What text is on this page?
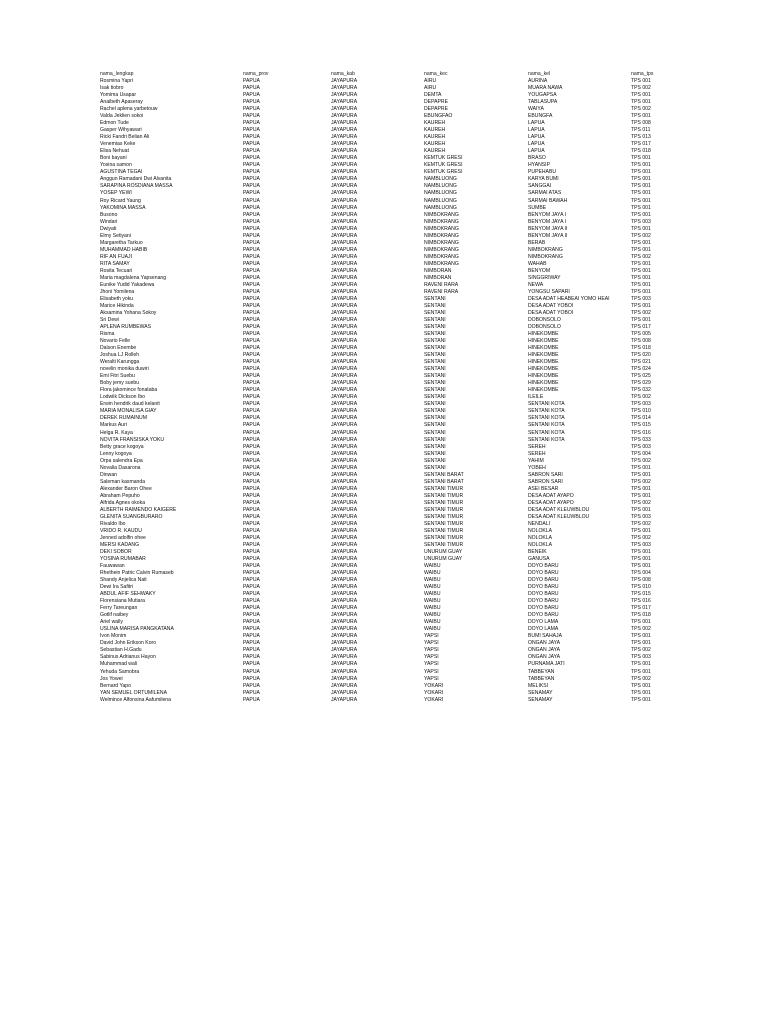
nama_lengkap	nama_prov	nama_kab	nama_kec	nama_kel	nama_tps
Rosmina Yapri	PAPUA	JAYAPURA	AIRU	AURINA	TPS 001
Isak tiobro	PAPUA	JAYAPURA	AIRU	MUARA NAWA	TPS 002
Yomima Usapar	PAPUA	JAYAPURA	DEMTA	YOUGAPSA	TPS 001
Anaibeth Apaseray	PAPUA	JAYAPURA	DEPAPRE	TABLASUPA	TPS 001
Rachel aplena yarbetouw	PAPUA	JAYAPURA	DEPAPRE	WAIYA	TPS 002
Valda Jeklien sokoi	PAPUA	JAYAPURA	EBUNGFAO	EBUNGFA	TPS 001
Edmon Tude	PAPUA	JAYAPURA	KAUREH	LAPUA	TPS 008
Gasper Wihyawari	PAPUA	JAYAPURA	KAUREH	LAPUA	TPS 011
Ricki Fandri Belian Ali	PAPUA	JAYAPURA	KAUREH	LAPUA	TPS 013
Venemias Keke	PAPUA	JAYAPURA	KAUREH	LAPUA	TPS 017
Elisa Nehuat	PAPUA	JAYAPURA	KAUREH	LAPUA	TPS 018
Boni bayani	PAPUA	JAYAPURA	KEMTUK GRESI	BRASO	TPS 001
Yosina samon	PAPUA	JAYAPURA	KEMTUK GRESI	HYANSIP	TPS 001
AGUSTINA TEGAI	PAPUA	JAYAPURA	KEMTUK GRESI	PUPEHABU	TPS 001
Anggun Ramadani Dwi Alvanita	PAPUA	JAYAPURA	NAMBLUONG	KARYA BUMI	TPS 001
SARAPINA ROSDIANA MASSA	PAPUA	JAYAPURA	NAMBLUONG	SANGGAI	TPS 001
YOSEP YEWI	PAPUA	JAYAPURA	NAMBLUONG	SARMAI ATAS	TPS 001
Roy Ricard Yaung	PAPUA	JAYAPURA	NAMBLUONG	SARMAI BAWAH	TPS 001
YAKOMINA MASSA	PAPUA	JAYAPURA	NAMBLUONG	SUMBE	TPS 001
Busono	PAPUA	JAYAPURA	NIMBOKRANG	BENYOM JAYA I	TPS 001
Windari	PAPUA	JAYAPURA	NIMBOKRANG	BENYOM JAYA I	TPS 003
Dwiyati	PAPUA	JAYAPURA	NIMBOKRANG	BENYOM JAYA II	TPS 001
Elmy Setiyani	PAPUA	JAYAPURA	NIMBOKRANG	BENYOM JAYA II	TPS 002
Margaretha Tarkuo	PAPUA	JAYAPURA	NIMBOKRANG	BERAB	TPS 001
MUHAMMAD HABIB	PAPUA	JAYAPURA	NIMBOKRANG	NIMBOKRANG	TPS 001
RIF AN FUAJI	PAPUA	JAYAPURA	NIMBOKRANG	NIMBOKRANG	TPS 002
RITA SAMAY	PAPUA	JAYAPURA	NIMBOKRANG	WAHAB	TPS 001
Rosita Tecuari	PAPUA	JAYAPURA	NIMBORAN	BENYOM	TPS 001
Maria magdalena Yapsenang	PAPUA	JAYAPURA	NIMBORAN	SINGGRIWAY	TPS 001
Eunike Yudid Yakadewa	PAPUA	JAYAPURA	RAVENI RARA	NEWA	TPS 001
Jhoni Yomilena	PAPUA	JAYAPURA	RAVENI RARA	YONGSU SAPARI	TPS 001
Elisabeth yoku	PAPUA	JAYAPURA	SENTANI	DESA ADAT HEABEAI YOMO HEAI	TPS 003
Marice Hikinda	PAPUA	JAYAPURA	SENTANI	DESA ADAT YOBOI	TPS 001
Aksamina Yohana Sokoy	PAPUA	JAYAPURA	SENTANI	DESA ADAT YOBOI	TPS 002
Sri Dewi	PAPUA	JAYAPURA	SENTANI	DOBONSOLO	TPS 001
APLENA RUMBEWAS	PAPUA	JAYAPURA	SENTANI	DOBONSOLO	TPS 017
Risma	PAPUA	JAYAPURA	SENTANI	HINEKOMBE	TPS 005
Novario Felle	PAPUA	JAYAPURA	SENTANI	HINEKOMBE	TPS 008
Dalson Enembe	PAPUA	JAYAPURA	SENTANI	HINEKOMBE	TPS 018
Joshua LJ Rolleh	PAPUA	JAYAPURA	SENTANI	HINEKOMBE	TPS 020
Weralti Karungga	PAPUA	JAYAPURA	SENTANI	HINEKOMBE	TPS 021
novelin monika duwiri	PAPUA	JAYAPURA	SENTANI	HINEKOMBE	TPS 024
Emi Fitri Suebu	PAPUA	JAYAPURA	SENTANI	HINEKOMBE	TPS 025
Boby jemy suebu	PAPUA	JAYAPURA	SENTANI	HINEKOMBE	TPS 029
Flora jakomince fonataba	PAPUA	JAYAPURA	SENTANI	HINEKOMBE	TPS 032
Lodwiik Dickson Ibo	PAPUA	JAYAPURA	SENTANI	ILEILE	TPS 002
Erwin hendrik daud kelanit	PAPUA	JAYAPURA	SENTANI	SENTANI KOTA	TPS 003
MARIA MONALISA GIAY	PAPUA	JAYAPURA	SENTANI	SENTANI KOTA	TPS 010
DEREK RUMAINUM	PAPUA	JAYAPURA	SENTANI	SENTANI KOTA	TPS 014
Markus Auri	PAPUA	JAYAPURA	SENTANI	SENTANI KOTA	TPS 015
Helga R. Kaya	PAPUA	JAYAPURA	SENTANI	SENTANI KOTA	TPS 016
NOVITA FRANSISKA YOKU	PAPUA	JAYAPURA	SENTANI	SENTANI KOTA	TPS 033
Betty grace kogoya	PAPUA	JAYAPURA	SENTANI	SEREH	TPS 003
Lenny kogoya	PAPUA	JAYAPURA	SENTANI	SEREH	TPS 004
Orpa salendra Epa	PAPUA	JAYAPURA	SENTANI	YAHIM	TPS 002
Novalia Dasarona	PAPUA	JAYAPURA	SENTANI	YOBEH	TPS 001
Dinwan	PAPUA	JAYAPURA	SENTANI BARAT	SABRON SARI	TPS 001
Saleman kasmanda	PAPUA	JAYAPURA	SENTANI BARAT	SABRON SARI	TPS 002
Alexander Baron Ohee	PAPUA	JAYAPURA	SENTANI TIMUR	ASEI BESAR	TPS 001
Abraham Pepuho	PAPUA	JAYAPURA	SENTANI TIMUR	DESA ADAT AYAPO	TPS 001
Alfrida Agnes okoka	PAPUA	JAYAPURA	SENTANI TIMUR	DESA ADAT AYAPO	TPS 002
ALBERTH RAIMENDO KAIGERE	PAPUA	JAYAPURA	SENTANI TIMUR	DESA ADAT KLEUWBLOU	TPS 001
GLENITA SUANGBURARO	PAPUA	JAYAPURA	SENTANI TIMUR	DESA ADAT KLEUWBLOU	TPS 003
Rivaldo Ibo	PAPUA	JAYAPURA	SENTANI TIMUR	NENDALI	TPS 002
VRIDO R. KAUDU	PAPUA	JAYAPURA	SENTANI TIMUR	NOLOKLA	TPS 001
Jenned adolfin ohee	PAPUA	JAYAPURA	SENTANI TIMUR	NOLOKLA	TPS 002
MERSI KADANG	PAPUA	JAYAPURA	SENTANI TIMUR	NOLOKLA	TPS 003
DEKI SOBOR	PAPUA	JAYAPURA	UNURUM GUAY	BENEIK	TPS 001
YOSINA RUMABAR	PAPUA	JAYAPURA	UNURUM GUAY	GANUSA	TPS 001
Fauwawan	PAPUA	JAYAPURA	WAIBU	DOYO BARU	TPS 001
Rhethein Patric Calvin Rumaseb	PAPUA	JAYAPURA	WAIBU	DOYO BARU	TPS 004
Shandy Anjelica Nait	PAPUA	JAYAPURA	WAIBU	DOYO BARU	TPS 008
Dewi Ira Safitri	PAPUA	JAYAPURA	WAIBU	DOYO BARU	TPS 010
ABDUL AFIF SEHWAKY	PAPUA	JAYAPURA	WAIBU	DOYO BARU	TPS 015
Florensiana Mutiara	PAPUA	JAYAPURA	WAIBU	DOYO BARU	TPS 016
Ferry Tareungan	PAPUA	JAYAPURA	WAIBU	DOYO BARU	TPS 017
Gotlif naibey	PAPUA	JAYAPURA	WAIBU	DOYO BARU	TPS 018
Ariel wally	PAPUA	JAYAPURA	WAIBU	DOYO LAMA	TPS 001
USLINA MARISA PANGKATANA	PAPUA	JAYAPURA	WAIBU	DOYO LAMA	TPS 002
Ivon Monim	PAPUA	JAYAPURA	YAPSI	BUMI SAHAJA	TPS 001
David John Erikson Koro	PAPUA	JAYAPURA	YAPSI	ONGAN JAYA	TPS 001
Sebastian H.Gadu	PAPUA	JAYAPURA	YAPSI	ONGAN JAYA	TPS 002
Sabinus Adrianus Hayon	PAPUA	JAYAPURA	YAPSI	ONGAN JAYA	TPS 003
Muhammad wali	PAPUA	JAYAPURA	YAPSI	PURNAMA JATI	TPS 001
Yehuda Samobra	PAPUA	JAYAPURA	YAPSI	TABBEYAN	TPS 001
Jos Yowei	PAPUA	JAYAPURA	YAPSI	TABBEYAN	TPS 002
Bernard Yapo	PAPUA	JAYAPURA	YOKARI	MELIKSI	TPS 001
YAN SEMUEL ORTUMILENA	PAPUA	JAYAPURA	YOKARI	SENAMAY	TPS 001
Welmince Alfonsina Aafumilena	PAPUA	JAYAPURA	YOKARI	SENAMAY	TPS 001
